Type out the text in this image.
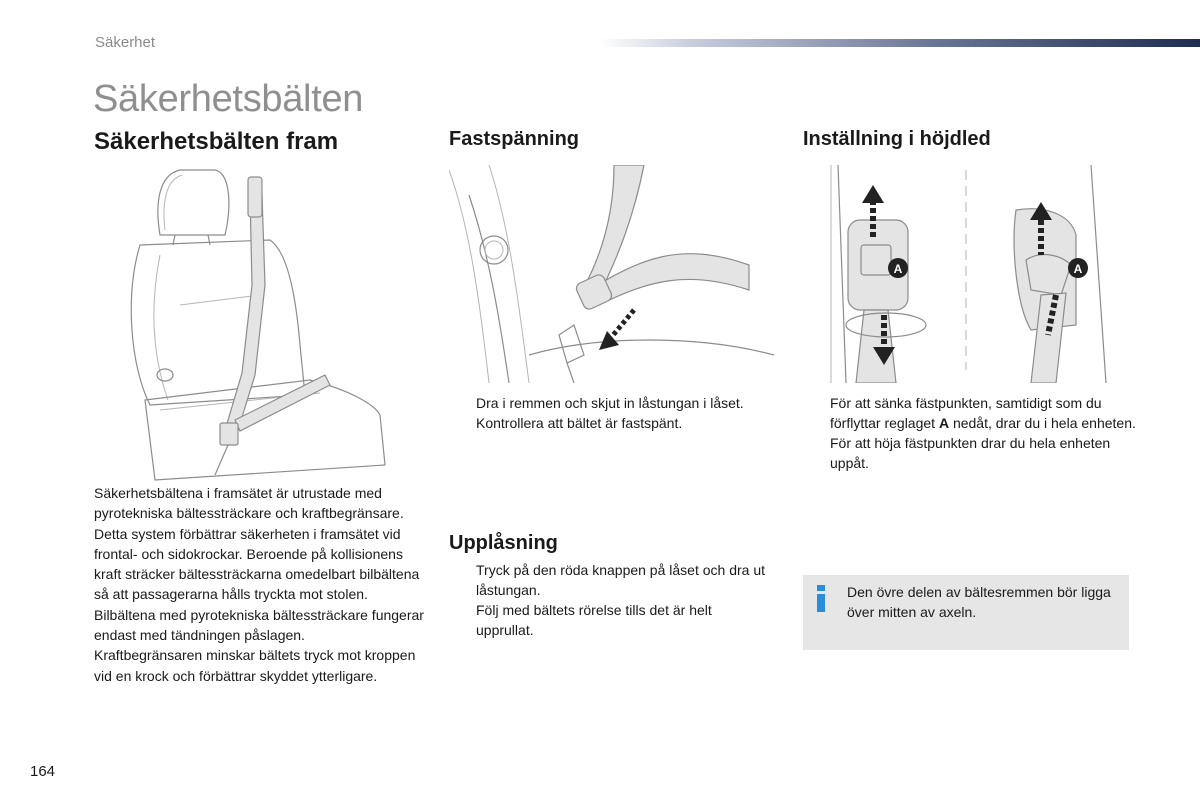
Säkerhet
Säkerhetsbälten
Säkerhetsbälten fram
Säkerhetsbältena i framsätet är utrustade med pyrotekniska bältessträckare och kraftbegränsare.
Detta system förbättrar säkerheten i framsätet vid frontal- och sidokrockar. Beroende på kollisionens kraft sträcker bältessträckarna omedelbart bilbältena så att passagerarna hålls tryckta mot stolen.
Bilbältena med pyrotekniska bältessträckare fungerar endast med tändningen påslagen.
Kraftbegränsaren minskar bältets tryck mot kroppen vid en krock och förbättrar skyddet ytterligare.
Fastspänning
Dra i remmen och skjut in låstungan i låset.
Kontrollera att bältet är fastspänt.
Upplåsning
Tryck på den röda knappen på låset och dra ut låstungan.
Följ med bältets rörelse tills det är helt upprullat.
Inställning i höjdled
A	A
För att sänka fästpunkten, samtidigt som du förflyttar reglaget A nedåt, drar du i hela enheten.
För att höja fästpunkten drar du hela enheten uppåt.
Den övre delen av bältesremmen bör ligga över mitten av axeln.
164
